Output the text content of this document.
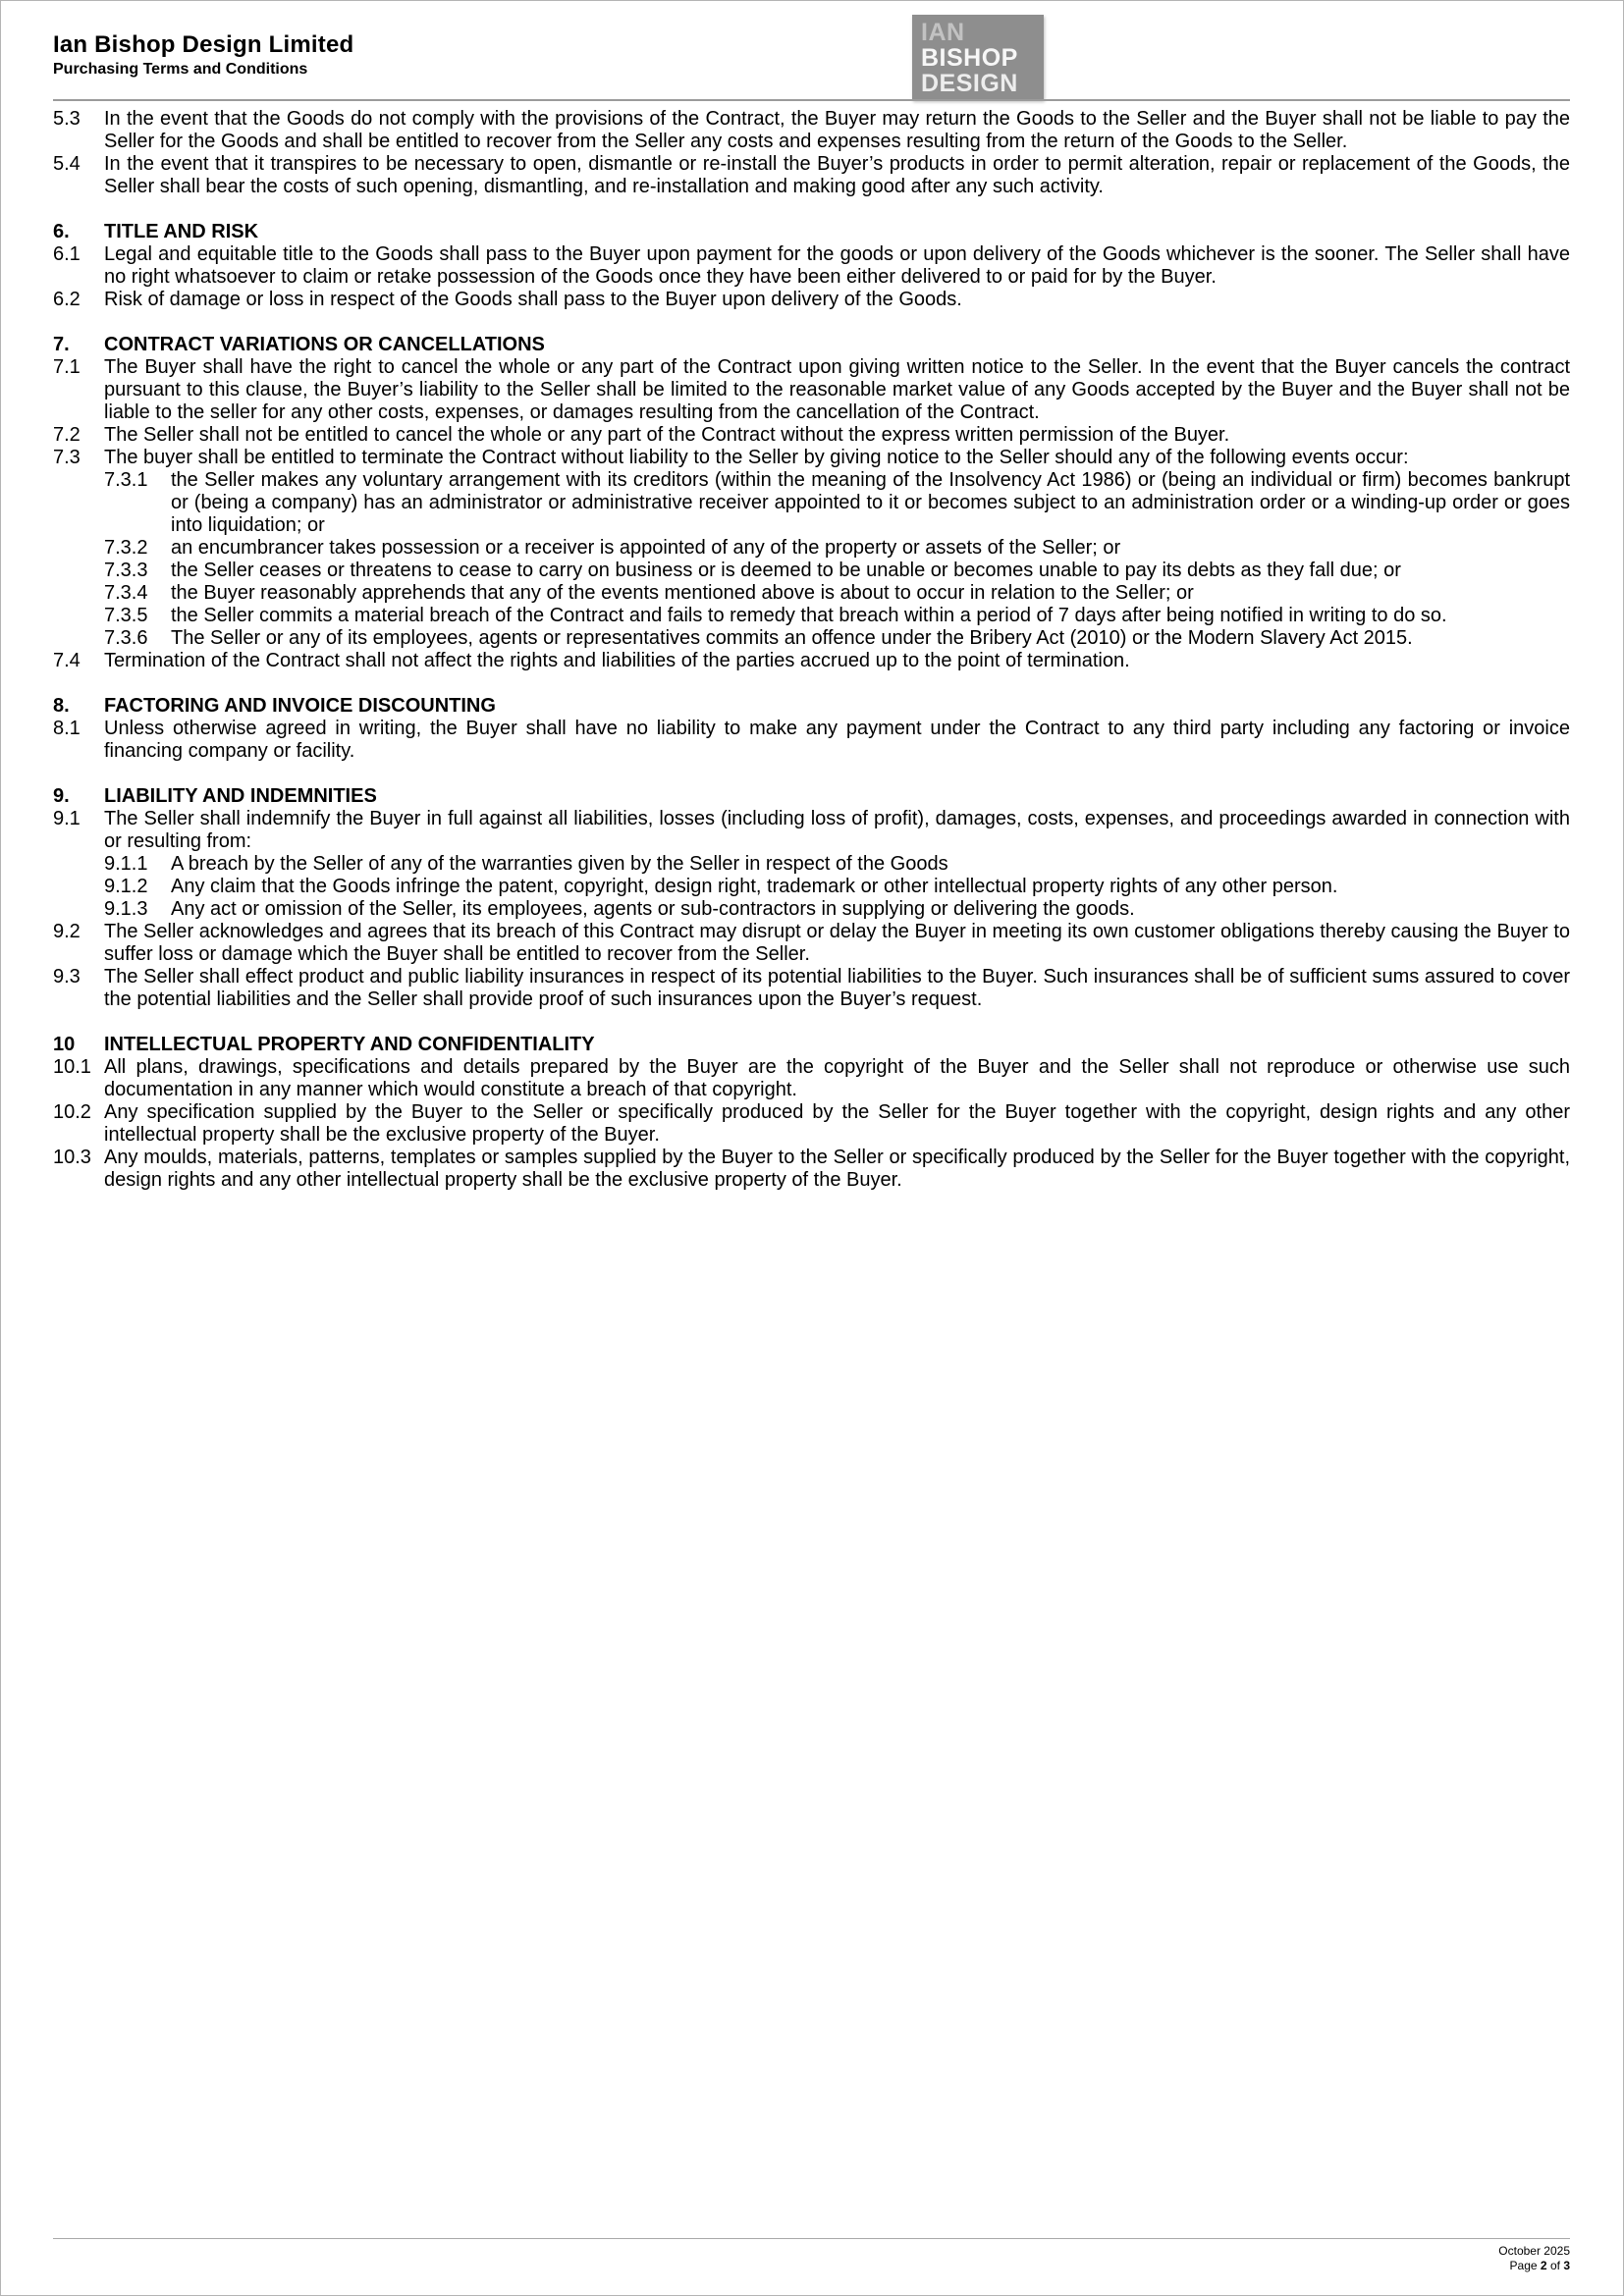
Ian Bishop Design Limited
Purchasing Terms and Conditions
IAN
BISHOP
DESIGN
5.3 In the event that the Goods do not comply with the provisions of the Contract, the Buyer may return the Goods to the Seller and the Buyer shall not be liable to pay the Seller for the Goods and shall be entitled to recover from the Seller any costs and expenses resulting from the return of the Goods to the Seller.
5.4 In the event that it transpires to be necessary to open, dismantle or re-install the Buyer’s products in order to permit alteration, repair or replacement of the Goods, the Seller shall bear the costs of such opening, dismantling, and re-installation and making good after any such activity.
6. TITLE AND RISK
6.1 Legal and equitable title to the Goods shall pass to the Buyer upon payment for the goods or upon delivery of the Goods whichever is the sooner. The Seller shall have no right whatsoever to claim or retake possession of the Goods once they have been either delivered to or paid for by the Buyer.
6.2 Risk of damage or loss in respect of the Goods shall pass to the Buyer upon delivery of the Goods.
7. CONTRACT VARIATIONS OR CANCELLATIONS
7.1 The Buyer shall have the right to cancel the whole or any part of the Contract upon giving written notice to the Seller. In the event that the Buyer cancels the contract pursuant to this clause, the Buyer’s liability to the Seller shall be limited to the reasonable market value of any Goods accepted by the Buyer and the Buyer shall not be liable to the seller for any other costs, expenses, or damages resulting from the cancellation of the Contract.
7.2 The Seller shall not be entitled to cancel the whole or any part of the Contract without the express written permission of the Buyer.
7.3 The buyer shall be entitled to terminate the Contract without liability to the Seller by giving notice to the Seller should any of the following events occur:
7.3.1 the Seller makes any voluntary arrangement with its creditors (within the meaning of the Insolvency Act 1986) or (being an individual or firm) becomes bankrupt or (being a company) has an administrator or administrative receiver appointed to it or becomes subject to an administration order or a winding-up order or goes into liquidation; or
7.3.2 an encumbrancer takes possession or a receiver is appointed of any of the property or assets of the Seller; or
7.3.3 the Seller ceases or threatens to cease to carry on business or is deemed to be unable or becomes unable to pay its debts as they fall due; or
7.3.4 the Buyer reasonably apprehends that any of the events mentioned above is about to occur in relation to the Seller; or
7.3.5 the Seller commits a material breach of the Contract and fails to remedy that breach within a period of 7 days after being notified in writing to do so.
7.3.6 The Seller or any of its employees, agents or representatives commits an offence under the Bribery Act (2010) or the Modern Slavery Act 2015.
7.4 Termination of the Contract shall not affect the rights and liabilities of the parties accrued up to the point of termination.
8. FACTORING AND INVOICE DISCOUNTING
8.1 Unless otherwise agreed in writing, the Buyer shall have no liability to make any payment under the Contract to any third party including any factoring or invoice financing company or facility.
9. LIABILITY AND INDEMNITIES
9.1 The Seller shall indemnify the Buyer in full against all liabilities, losses (including loss of profit), damages, costs, expenses, and proceedings awarded in connection with or resulting from:
9.1.1 A breach by the Seller of any of the warranties given by the Seller in respect of the Goods
9.1.2 Any claim that the Goods infringe the patent, copyright, design right, trademark or other intellectual property rights of any other person.
9.1.3 Any act or omission of the Seller, its employees, agents or sub-contractors in supplying or delivering the goods.
9.2 The Seller acknowledges and agrees that its breach of this Contract may disrupt or delay the Buyer in meeting its own customer obligations thereby causing the Buyer to suffer loss or damage which the Buyer shall be entitled to recover from the Seller.
9.3 The Seller shall effect product and public liability insurances in respect of its potential liabilities to the Buyer. Such insurances shall be of sufficient sums assured to cover the potential liabilities and the Seller shall provide proof of such insurances upon the Buyer’s request.
10 INTELLECTUAL PROPERTY AND CONFIDENTIALITY
10.1 All plans, drawings, specifications and details prepared by the Buyer are the copyright of the Buyer and the Seller shall not reproduce or otherwise use such documentation in any manner which would constitute a breach of that copyright.
10.2 Any specification supplied by the Buyer to the Seller or specifically produced by the Seller for the Buyer together with the copyright, design rights and any other intellectual property shall be the exclusive property of the Buyer.
10.3 Any moulds, materials, patterns, templates or samples supplied by the Buyer to the Seller or specifically produced by the Seller for the Buyer together with the copyright, design rights and any other intellectual property shall be the exclusive property of the Buyer.
October 2025
Page 2 of 3
